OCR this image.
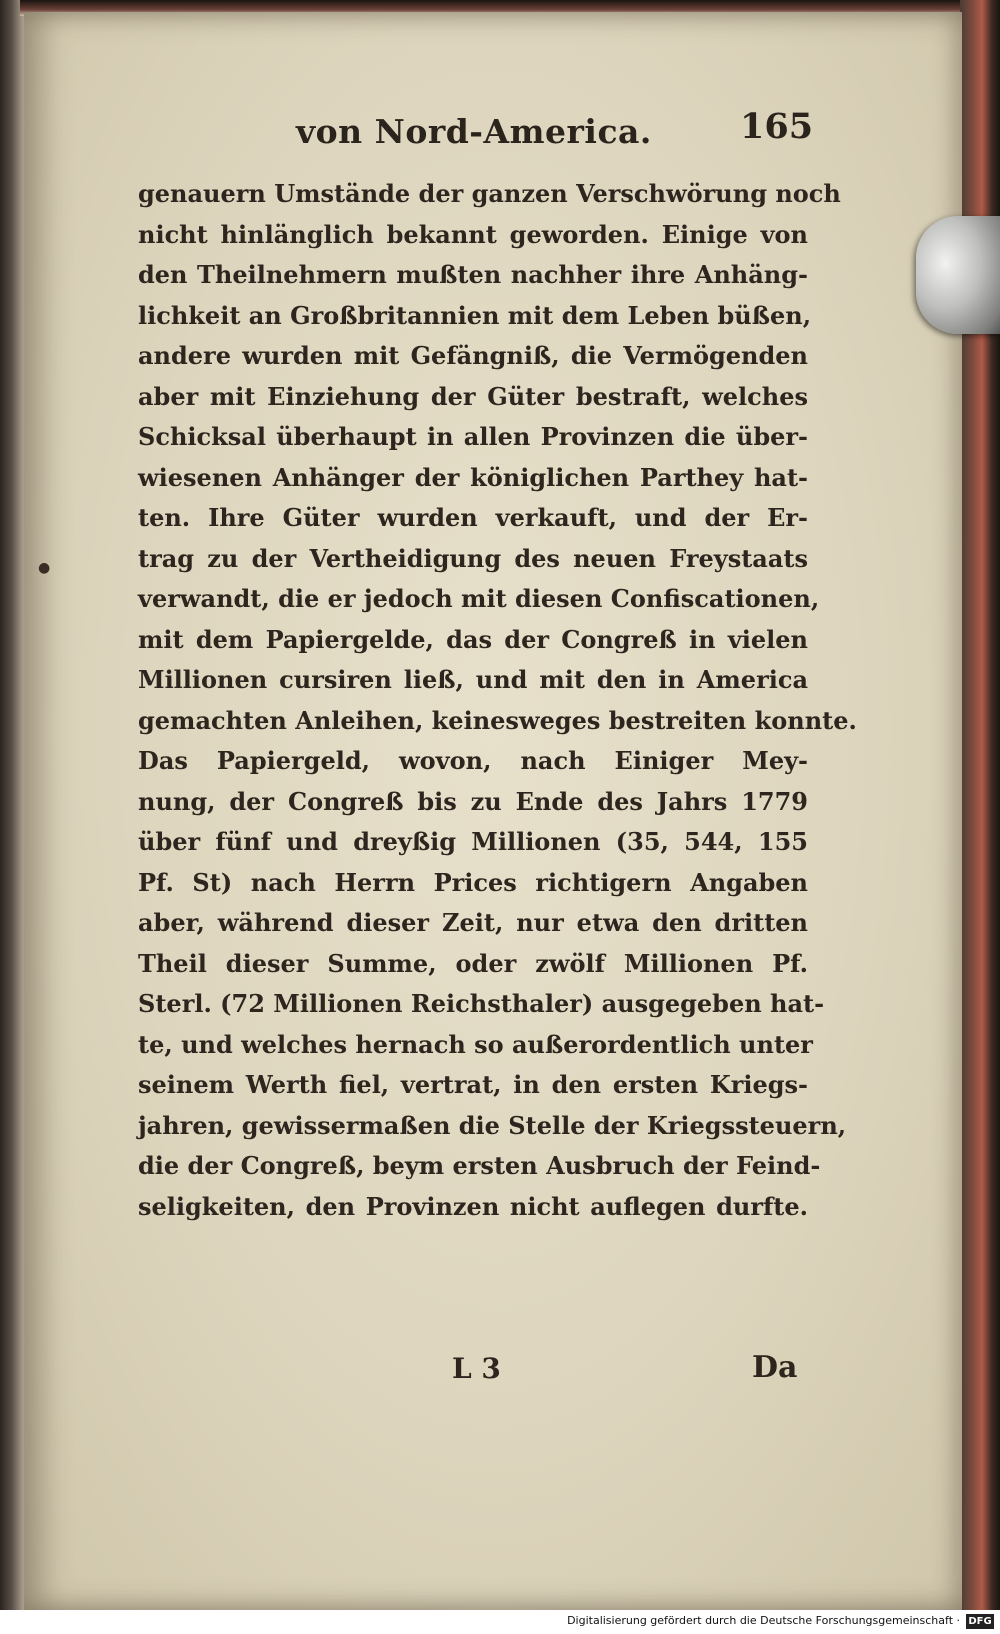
●
von Nord-America.	165
genauern Umstände der ganzen Verschwörung noch
nicht hinlänglich bekannt geworden. Einige von
den Theilnehmern mußten nachher ihre Anhäng-
lichkeit an Großbritannien mit dem Leben büßen,
andere wurden mit Gefängniß, die Vermögenden
aber mit Einziehung der Güter bestraft, welches
Schicksal überhaupt in allen Provinzen die über-
wiesenen Anhänger der königlichen Parthey hat-
ten. Ihre Güter wurden verkauft, und der Er-
trag zu der Vertheidigung des neuen Freystaats
verwandt, die er jedoch mit diesen Confiscationen,
mit dem Papiergelde, das der Congreß in vielen
Millionen cursiren ließ, und mit den in America
gemachten Anleihen, keinesweges bestreiten konnte.
Das Papiergeld, wovon, nach Einiger Mey-
nung, der Congreß bis zu Ende des Jahrs 1779
über fünf und dreyßig Millionen (35, 544, 155
Pf. St) nach Herrn Prices richtigern Angaben
aber, während dieser Zeit, nur etwa den dritten
Theil dieser Summe, oder zwölf Millionen Pf.
Sterl. (72 Millionen Reichsthaler) ausgegeben hat-
te, und welches hernach so außerordentlich unter
seinem Werth fiel, vertrat, in den ersten Kriegs-
jahren, gewissermaßen die Stelle der Kriegssteuern,
die der Congreß, beym ersten Ausbruch der Feind-
seligkeiten, den Provinzen nicht auflegen durfte.
L 3	Da
Digitalisierung gefördert durch die Deutsche Forschungsgemeinschaft · DFG
